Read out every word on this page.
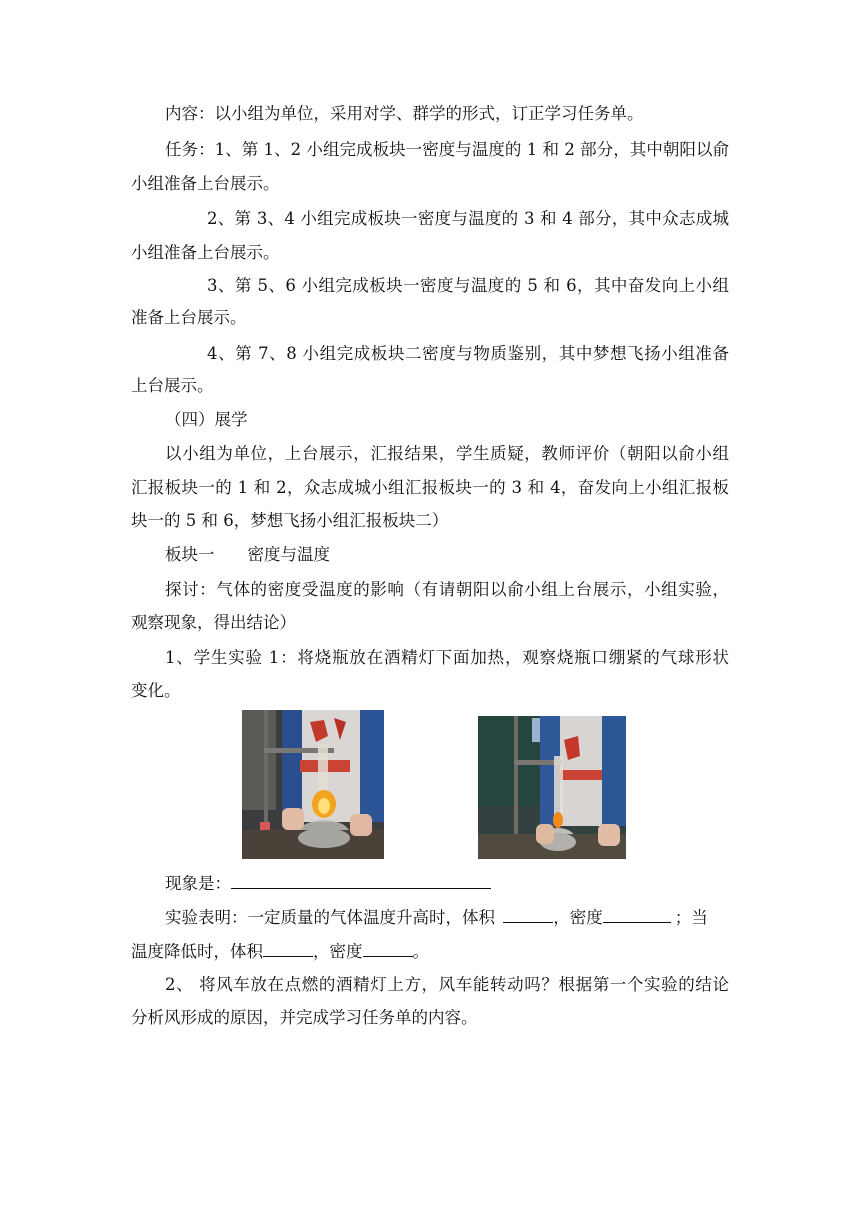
内容：以小组为单位，采用对学、群学的形式，订正学习任务单。
任务：1、第 1、2 小组完成板块一密度与温度的 1 和 2 部分，其中朝阳以俞
小组准备上台展示。
2、第 3、4 小组完成板块一密度与温度的 3 和 4 部分，其中众志成城
小组准备上台展示。
3、第 5、6 小组完成板块一密度与温度的 5 和 6，其中奋发向上小组
准备上台展示。
4、第 7、8 小组完成板块二密度与物质鉴别，其中梦想飞扬小组准备
上台展示。
（四）展学
以小组为单位，上台展示，汇报结果，学生质疑，教师评价（朝阳以俞小组
汇报板块一的 1 和 2，众志成城小组汇报板块一的 3 和 4，奋发向上小组汇报板
块一的 5 和 6，梦想飞扬小组汇报板块二）
板块一　　密度与温度
探讨：气体的密度受温度的影响（有请朝阳以俞小组上台展示，小组实验，
观察现象，得出结论）
1、学生实验 1：将烧瓶放在酒精灯下面加热，观察烧瓶口绷紧的气球形状
变化。
现象是：
实验表明：一定质量的气体温度升高时，体积	，密度	；当
温度降低时，体积	，密度	。
2、 将风车放在点燃的酒精灯上方，风车能转动吗？根据第一个实验的结论
分析风形成的原因，并完成学习任务单的内容。
